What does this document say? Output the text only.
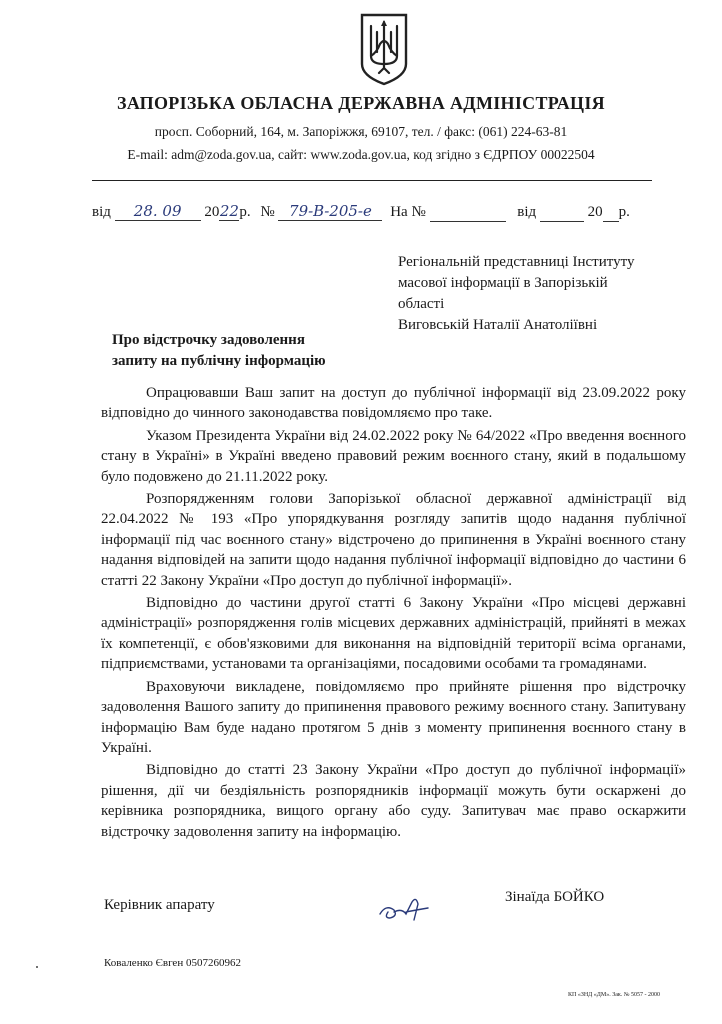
ЗАПОРІЗЬКА ОБЛАСНА ДЕРЖАВНА АДМІНІСТРАЦІЯ
просп. Соборний, 164, м. Запоріжжя, 69107, тел. / факс: (061) 224-63-81
E-mail: adm@zoda.gov.ua, сайт: www.zoda.gov.ua, код згідно з ЄДРПОУ 00022504
від 28. 09 2022р. № 79-В-205-е На №	від	20 р.
Регіональній представниці Інституту
масової інформації в Запорізькій
області
Виговській Наталії Анатоліївні
Про відстрочку задоволення
запиту на публічну інформацію

Опрацювавши Ваш запит на доступ до публічної інформації від 23.09.2022 року відповідно до чинного законодавства повідомляємо про таке.

Указом Президента України від 24.02.2022 року № 64/2022 «Про введення воєнного стану в Україні» в Україні введено правовий режим воєнного стану, який в подальшому було подовжено до 21.11.2022 року.

Розпорядженням голови Запорізької обласної державної адміністрації від 22.04.2022 № 193 «Про упорядкування розгляду запитів щодо надання публічної інформації під час воєнного стану» відстрочено до припинення в Україні воєнного стану надання відповідей на запити щодо надання публічної інформації відповідно до частини 6 статті 22 Закону України «Про доступ до публічної інформації».

Відповідно до частини другої статті 6 Закону України «Про місцеві державні адміністрації» розпорядження голів місцевих державних адміністрацій, прийняті в межах їх компетенції, є обов'язковими для виконання на відповідній території всіма органами, підприємствами, установами та організаціями, посадовими особами та громадянами.

Враховуючи викладене, повідомляємо про прийняте рішення про відстрочку задоволення Вашого запиту до припинення правового режиму воєнного стану. Запитувану інформацію Вам буде надано протягом 5 днів з моменту припинення воєнного стану в Україні.

Відповідно до статті 23 Закону України «Про доступ до публічної інформації» рішення, дії чи бездіяльність розпорядників інформації можуть бути оскаржені до керівника розпорядника, вищого органу або суду. Запитувач має право оскаржити відстрочку задоволення запиту на інформацію.

Керівник апарату	Зінаїда БОЙКО
Коваленко Євген 0507260962
КП «ЗНД «ДМ». Зак. № 5057 - 2000
